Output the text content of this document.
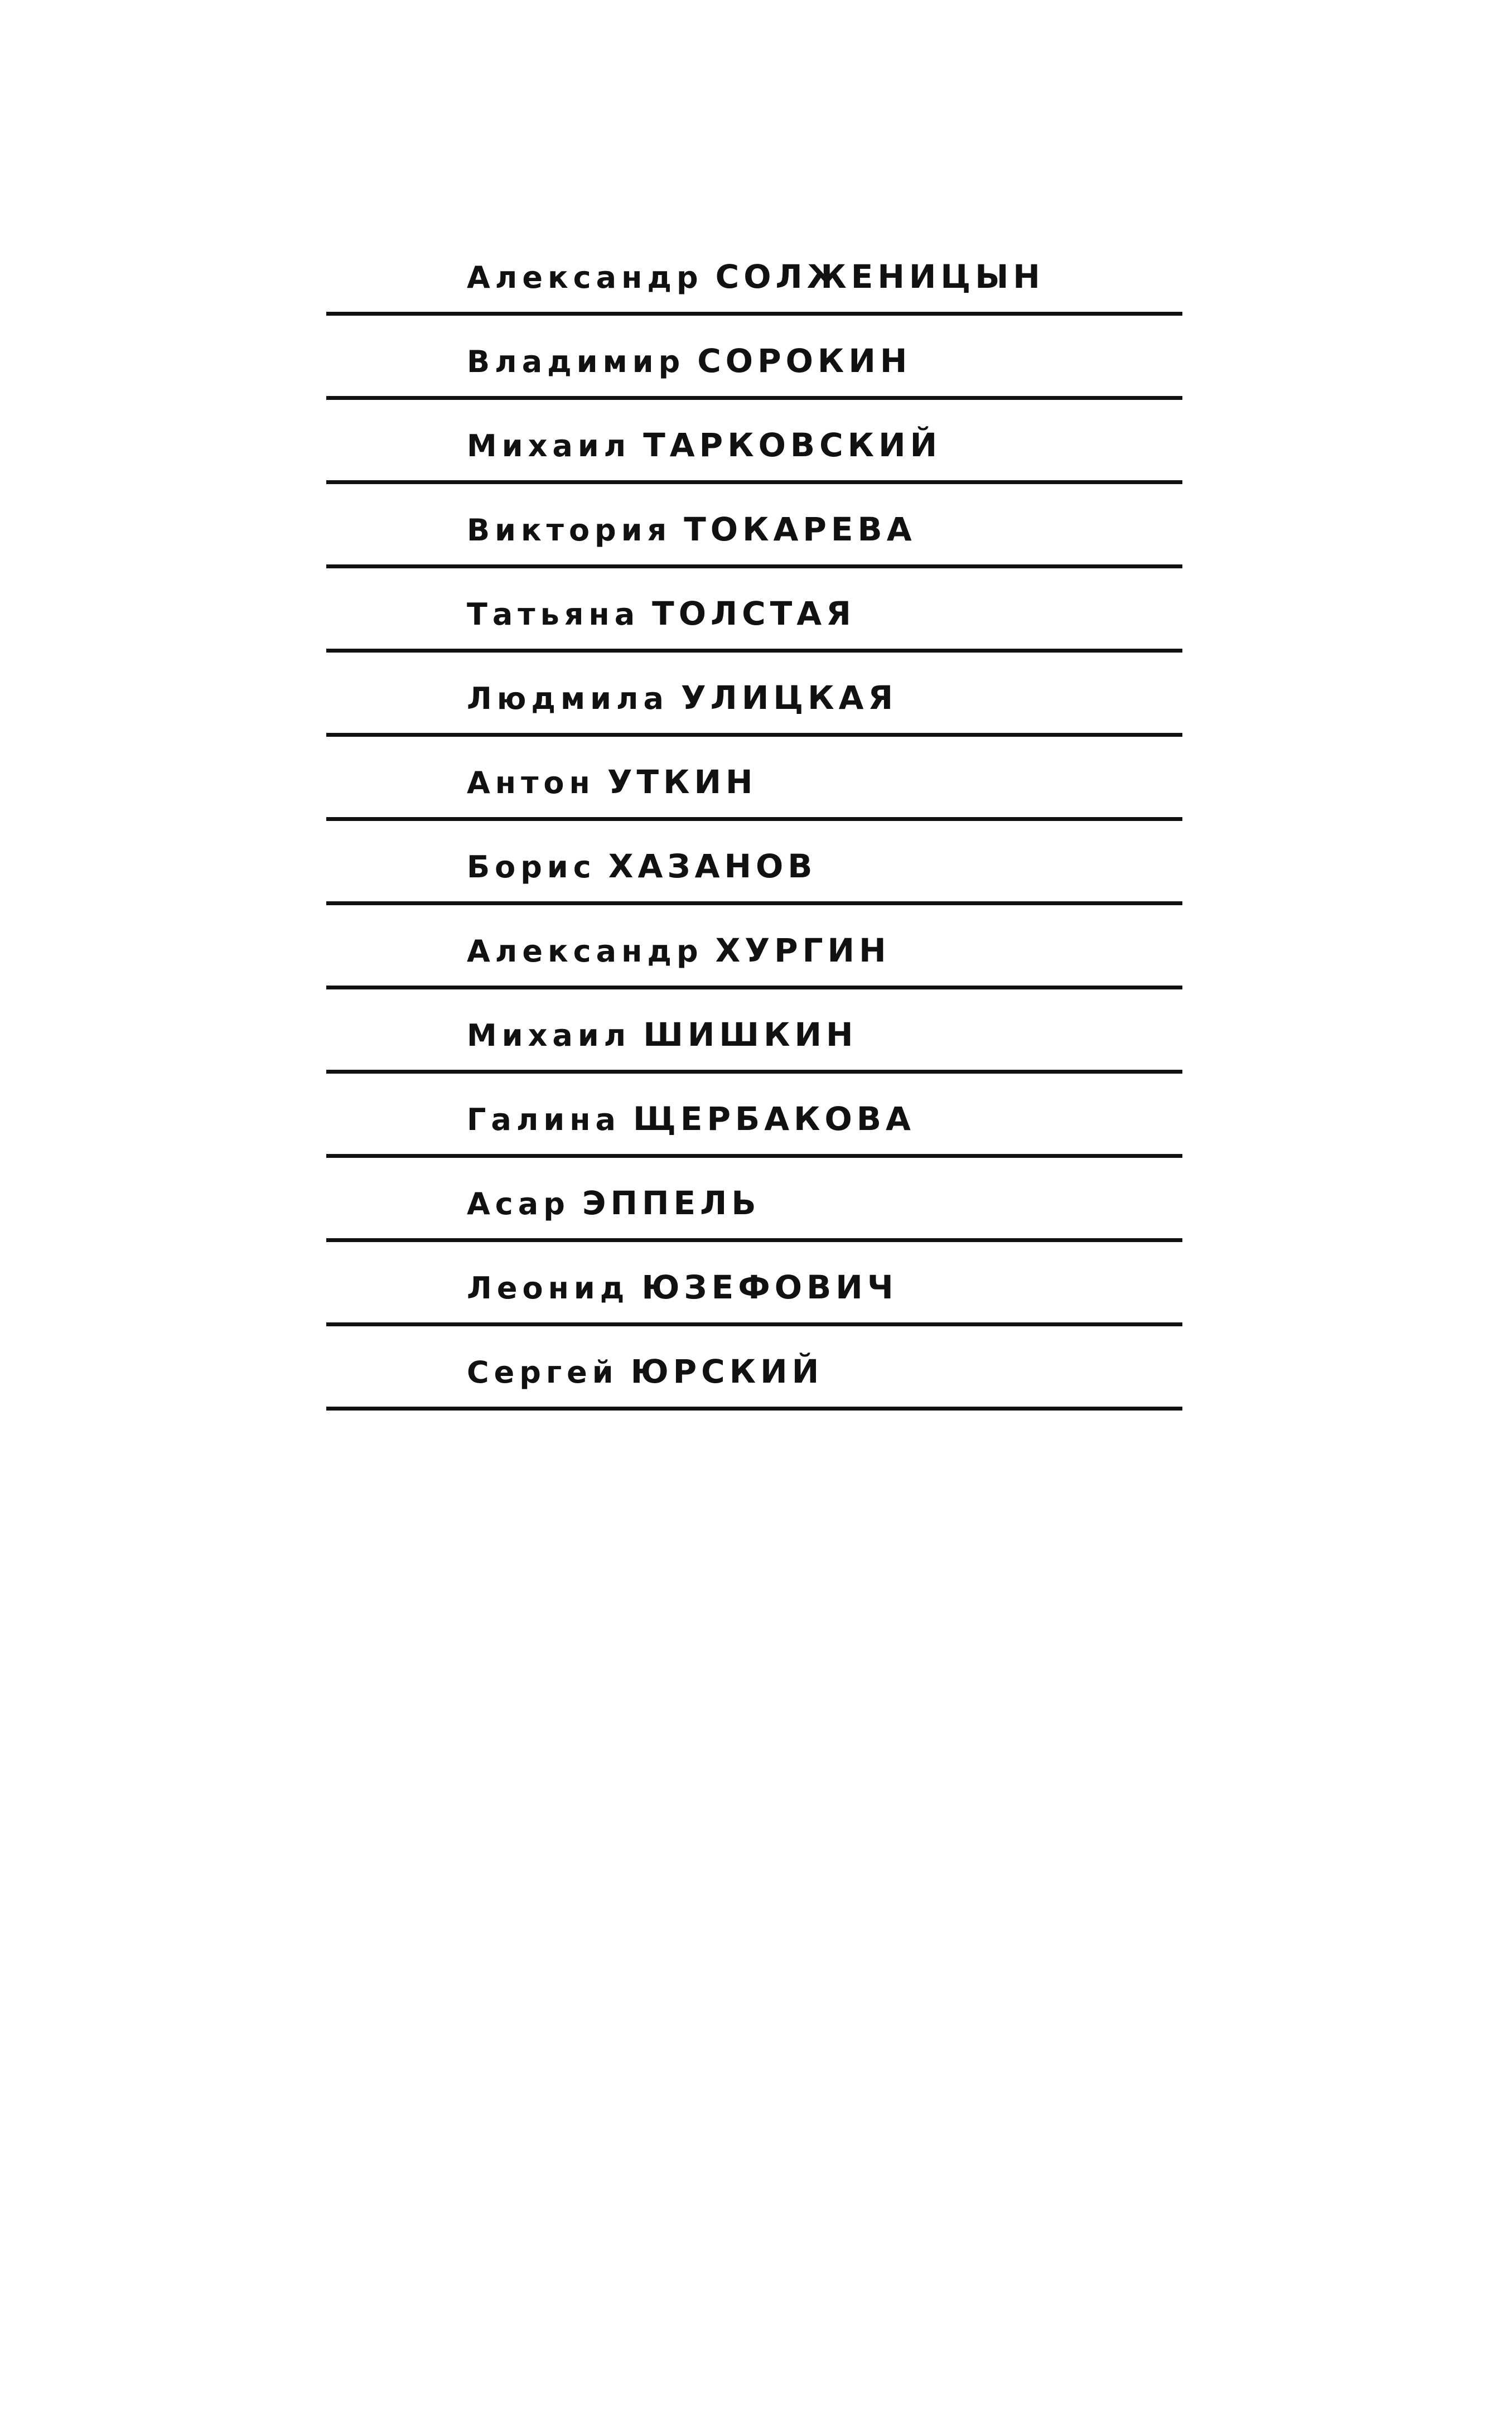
Александр СОЛЖЕНИЦЫН
Владимир СОРОКИН
Михаил ТАРКОВСКИЙ
Виктория ТОКАРЕВА
Татьяна ТОЛСТАЯ
Людмила УЛИЦКАЯ
Антон УТКИН
Борис ХАЗАНОВ
Александр ХУРГИН
Михаил ШИШКИН
Галина ЩЕРБАКОВА
Асар ЭППЕЛЬ
Леонид ЮЗЕФОВИЧ
Сергей ЮРСКИЙ
